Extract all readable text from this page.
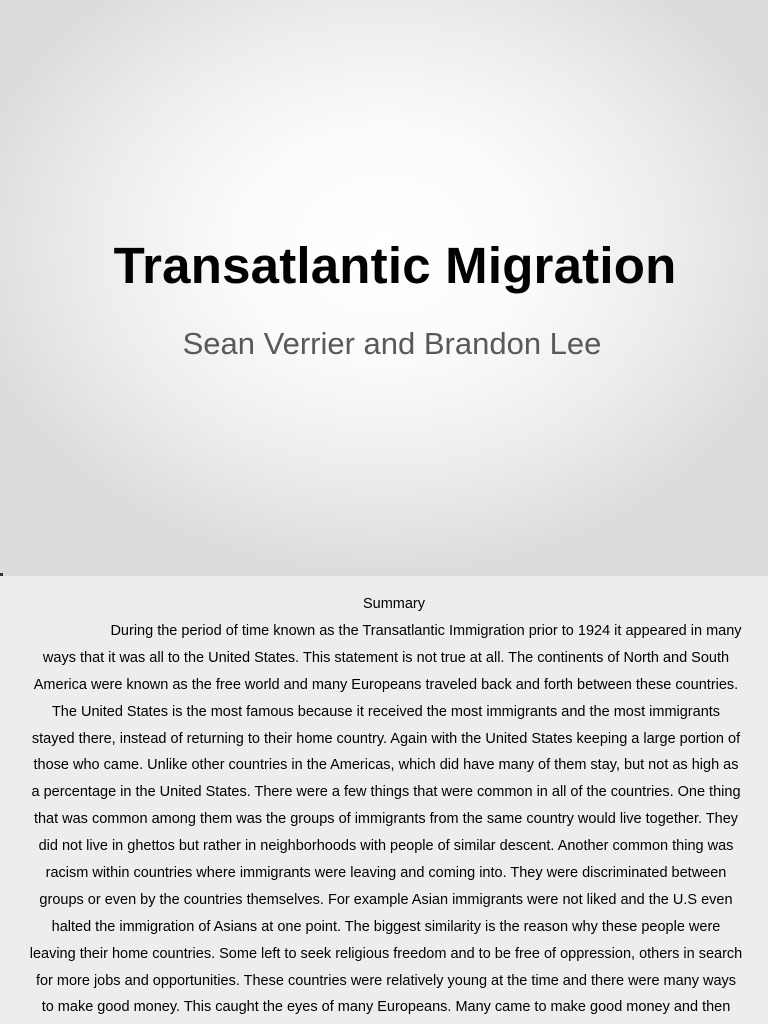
Transatlantic Migration
Sean Verrier and Brandon Lee
Summary
During the period of time known as the Transatlantic Immigration prior to 1924 it appeared in many
ways that it was all to the United States. This statement is not true at all. The continents of North and South
America were known as the free world and many Europeans traveled back and forth between these countries.
The United States is the most famous because it received the most immigrants and the most immigrants
stayed there, instead of returning to their home country. Again with the United States keeping a large portion of
those who came. Unlike other countries in the Americas, which did have many of them stay, but not as high as
a percentage in the United States. There were a few things that were common in all of the countries. One thing
that was common among them was the groups of immigrants from the same country would live together. They
did not live in ghettos but rather in neighborhoods with people of similar descent. Another common thing was
racism within countries where immigrants were leaving and coming into. They were discriminated between
groups or even by the countries themselves. For example Asian immigrants were not liked and the U.S even
halted the immigration of Asians at one point. The biggest similarity is the reason why these people were
leaving their home countries. Some left to seek religious freedom and to be free of oppression, others in search
for more jobs and opportunities. These countries were relatively young at the time and there were many ways
to make good money. This caught the eyes of many Europeans. Many came to make good money and then
